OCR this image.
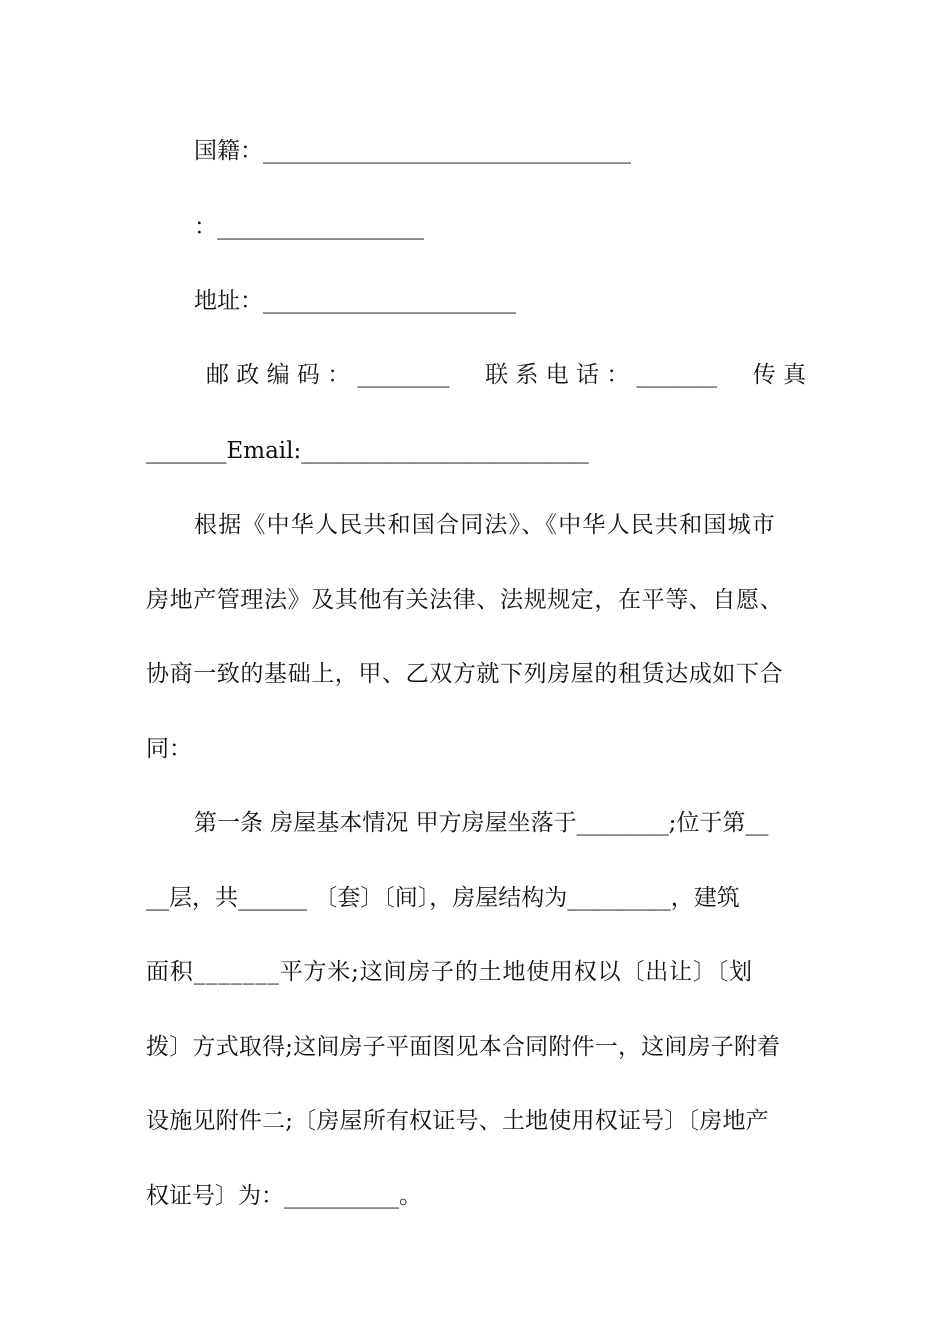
国籍：________________________________
：__________________
地址：______________________
邮 政 编 码 ： ________ 联 系 电 话 ： _______ 传 真
_______Email:_________________________
根据《中华人民共和国合同法》、《中华人民共和国城市
房地产管理法》及其他有关法律、法规规定，在平等、自愿、
协商一致的基础上，甲、乙双方就下列房屋的租赁达成如下合
同：
第一条 房屋基本情况 甲方房屋坐落于________;位于第__
__层，共______ 〔套〕〔间〕，房屋结构为_________，建筑
面积_______平方米;这间房子的土地使用权以〔出让〕〔划
拨〕方式取得;这间房子平面图见本合同附件一，这间房子附着
设施见附件二;〔房屋所有权证号、土地使用权证号〕〔房地产
权证号〕为：__________。
